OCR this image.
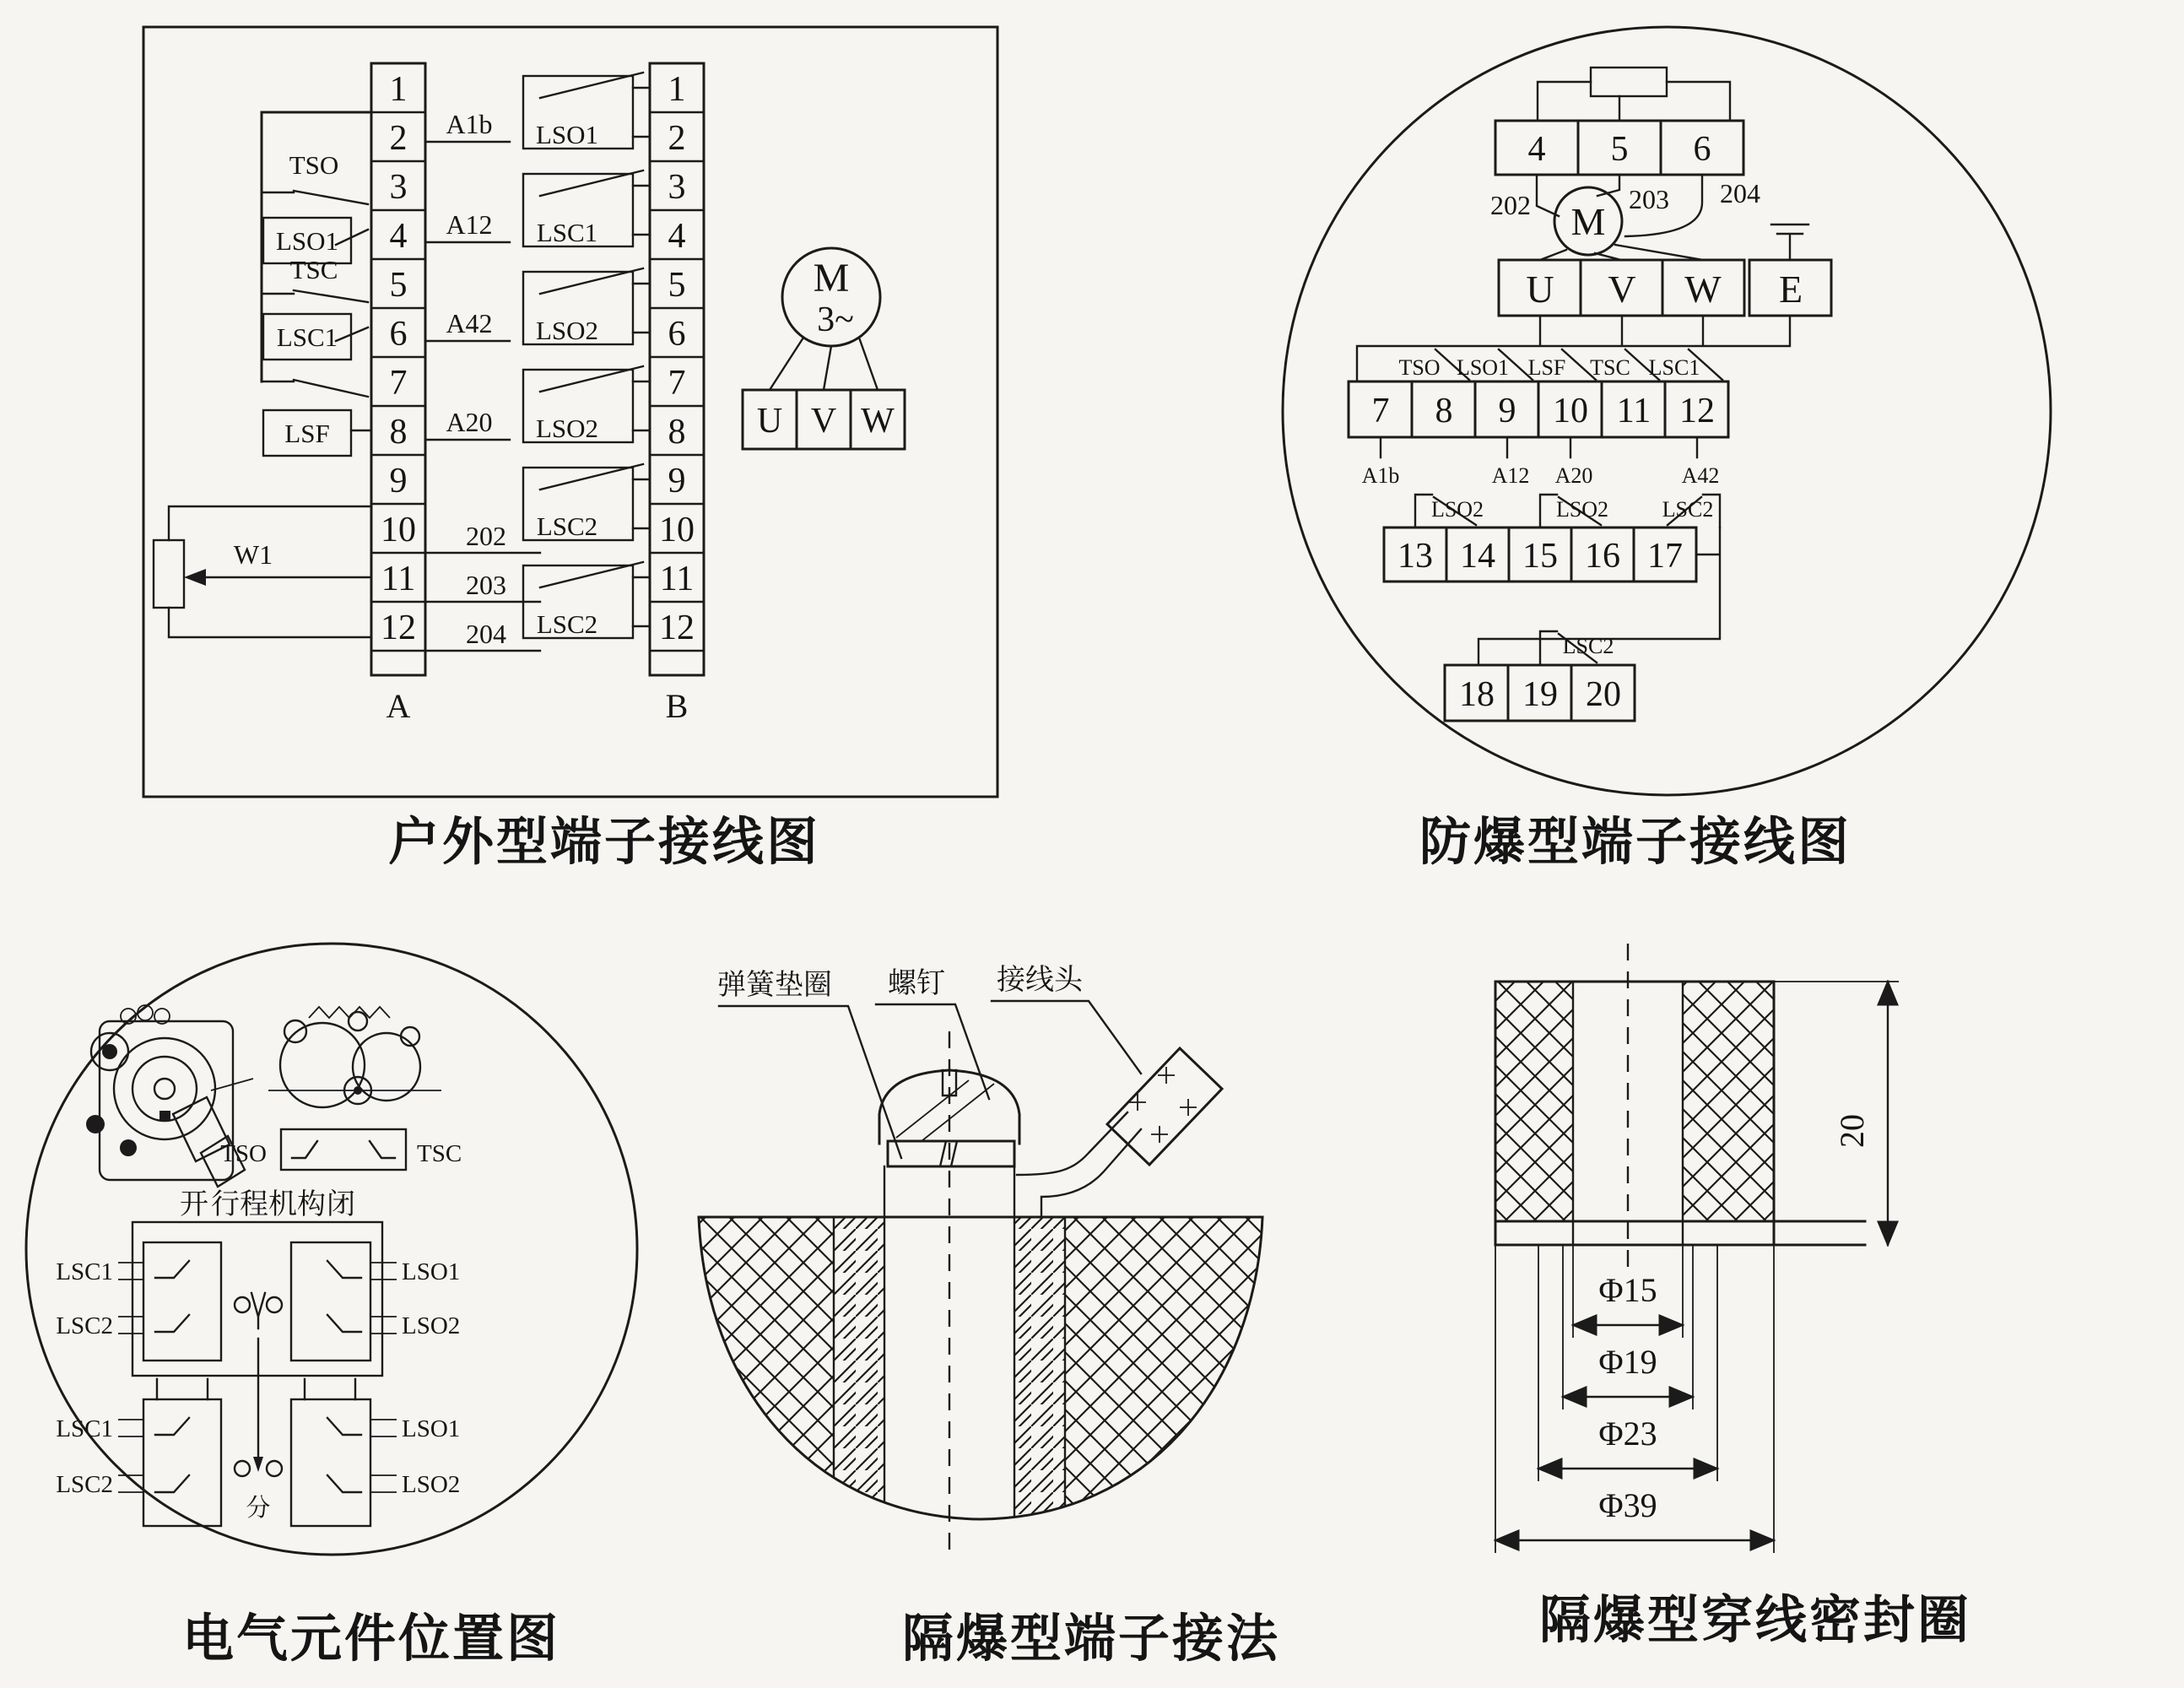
1
2
3
4
5
6
7
8
9
10
11
12
A
A1b
A12
A42
A20
202
203
204
TSO
LSO1
TSC
LSC1
LSF
W1
1
2
3
4
5
6
7
8
9
10
11
12
B
LSO1
LSC1
LSO2
LSO2
LSC2
LSC2
M
3~
U V W
户外型端子接线图
4 5 6
M
202	203 204
U V W E
TSO LSO1 LSF TSC LSC1
7 8 9 10 11 12
A1b	A12 A20	A42
LSO2	LSO2 LSC2
13 14 15 16 17
LSC2
18 19 20
防爆型端子接线图
TSO	TSC
开 行程机构 闭
LSC1
LSC2
LSO1
LSO2
分
LSC1
LSC2
LSO1
LSO2
电气元件位置图
弹簧垫圈 螺钉 接线头
隔爆型端子接法
20
Φ15
Φ19
Φ23
Φ39
隔爆型穿线密封圈
